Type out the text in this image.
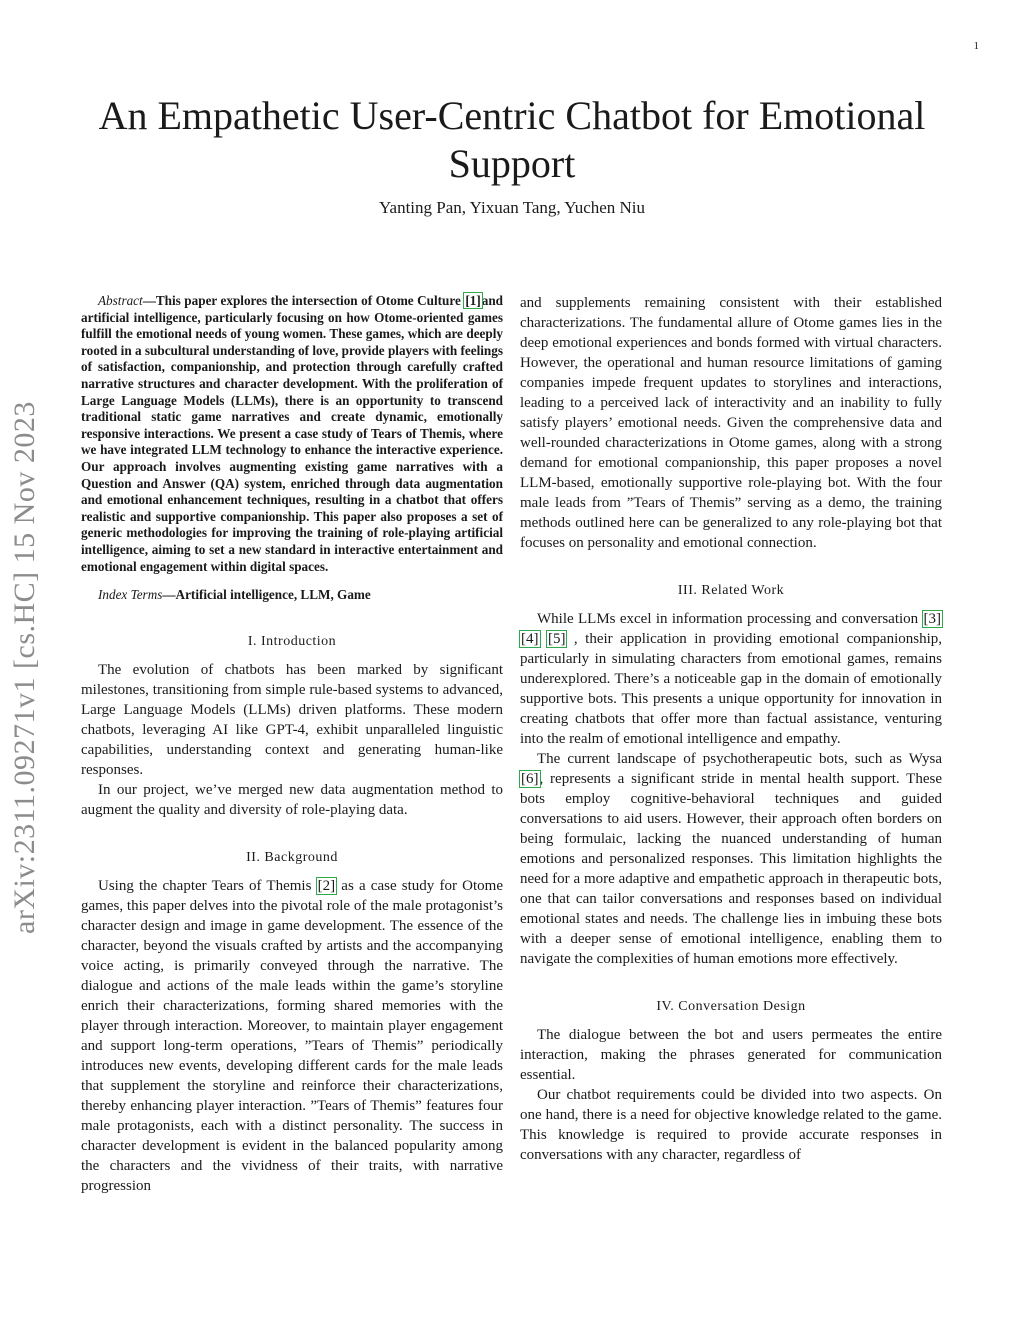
1
arXiv:2311.09271v1 [cs.HC] 15 Nov 2023
An Empathetic User-Centric Chatbot for Emotional Support

Yanting Pan, Yixuan Tang, Yuchen Niu

Abstract—This paper explores the intersection of Otome Culture [1]and artificial intelligence, particularly focusing on how Otome-oriented games fulfill the emotional needs of young women. These games, which are deeply rooted in a subcultural understanding of love, provide players with feelings of satisfaction, companionship, and protection through carefully crafted narrative structures and character development. With the proliferation of Large Language Models (LLMs), there is an opportunity to transcend traditional static game narratives and create dynamic, emotionally responsive interactions. We present a case study of Tears of Themis, where we have integrated LLM technology to enhance the interactive experience. Our approach involves augmenting existing game narratives with a Question and Answer (QA) system, enriched through data augmentation and emotional enhancement techniques, resulting in a chatbot that offers realistic and supportive companionship. This paper also proposes a set of generic methodologies for improving the training of role-playing artificial intelligence, aiming to set a new standard in interactive entertainment and emotional engagement within digital spaces.

Index Terms—Artificial intelligence, LLM, Game

I. Introduction

The evolution of chatbots has been marked by significant milestones, transitioning from simple rule-based systems to advanced, Large Language Models (LLMs) driven platforms. These modern chatbots, leveraging AI like GPT-4, exhibit unparalleled linguistic capabilities, understanding context and generating human-like responses.

In our project, we’ve merged new data augmentation method to augment the quality and diversity of role-playing data.

II. Background

Using the chapter Tears of Themis [2] as a case study for Otome games, this paper delves into the pivotal role of the male protagonist’s character design and image in game development. The essence of the character, beyond the visuals crafted by artists and the accompanying voice acting, is primarily conveyed through the narrative. The dialogue and actions of the male leads within the game’s storyline enrich their characterizations, forming shared memories with the player through interaction. Moreover, to maintain player engagement and support long-term operations, ”Tears of Themis” periodically introduces new events, developing different cards for the male leads that supplement the storyline and reinforce their characterizations, thereby enhancing player interaction. ”Tears of Themis” features four male protagonists, each with a distinct personality. The success in character development is evident in the balanced popularity among the characters and the vividness of their traits, with narrative progression

and supplements remaining consistent with their established characterizations. The fundamental allure of Otome games lies in the deep emotional experiences and bonds formed with virtual characters. However, the operational and human resource limitations of gaming companies impede frequent updates to storylines and interactions, leading to a perceived lack of interactivity and an inability to fully satisfy players’ emotional needs. Given the comprehensive data and well-rounded characterizations in Otome games, along with a strong demand for emotional companionship, this paper proposes a novel LLM-based, emotionally supportive role-playing bot. With the four male leads from ”Tears of Themis” serving as a demo, the training methods outlined here can be generalized to any role-playing bot that focuses on personality and emotional connection.

III. Related Work

While LLMs excel in information processing and conversation [3] [4] [5] , their application in providing emotional companionship, particularly in simulating characters from emotional games, remains underexplored. There’s a noticeable gap in the domain of emotionally supportive bots. This presents a unique opportunity for innovation in creating chatbots that offer more than factual assistance, venturing into the realm of emotional intelligence and empathy.

The current landscape of psychotherapeutic bots, such as Wysa [6], represents a significant stride in mental health support. These bots employ cognitive-behavioral techniques and guided conversations to aid users. However, their approach often borders on being formulaic, lacking the nuanced understanding of human emotions and personalized responses. This limitation highlights the need for a more adaptive and empathetic approach in therapeutic bots, one that can tailor conversations and responses based on individual emotional states and needs. The challenge lies in imbuing these bots with a deeper sense of emotional intelligence, enabling them to navigate the complexities of human emotions more effectively.

IV. Conversation Design

The dialogue between the bot and users permeates the entire interaction, making the phrases generated for communication essential.

Our chatbot requirements could be divided into two aspects. On one hand, there is a need for objective knowledge related to the game. This knowledge is required to provide accurate responses in conversations with any character, regardless of
